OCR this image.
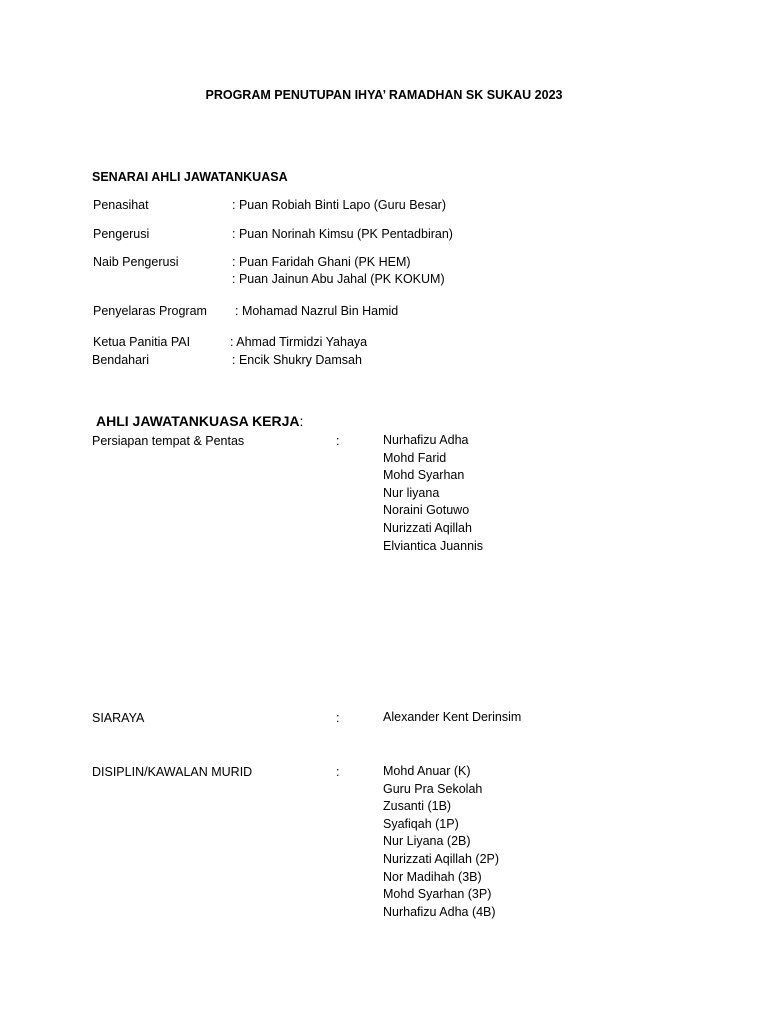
PROGRAM PENUTUPAN IHYA’ RAMADHAN SK SUKAU 2023
SENARAI AHLI JAWATANKUASA
Penasihat	: Puan Robiah Binti Lapo (Guru Besar)
Pengerusi	: Puan Norinah Kimsu (PK Pentadbiran)
Naib Pengerusi	: Puan Faridah Ghani (PK HEM)
: Puan Jainun Abu Jahal (PK KOKUM)
Penyelaras Program : Mohamad Nazrul Bin Hamid
Ketua Panitia PAI	: Ahmad Tirmidzi Yahaya
Bendahari	: Encik Shukry Damsah
AHLI JAWATANKUASA KERJA:
Persiapan tempat & Pentas	:	Nurhafizu Adha
Mohd Farid
Mohd Syarhan
Nur liyana
Noraini Gotuwo
Nurizzati Aqillah
Elviantica Juannis
SIARAYA	:	Alexander Kent Derinsim
DISIPLIN/KAWALAN MURID	:	Mohd Anuar (K)
Guru Pra Sekolah
Zusanti (1B)
Syafiqah (1P)
Nur Liyana (2B)
Nurizzati Aqillah (2P)
Nor Madihah (3B)
Mohd Syarhan (3P)
Nurhafizu Adha (4B)
